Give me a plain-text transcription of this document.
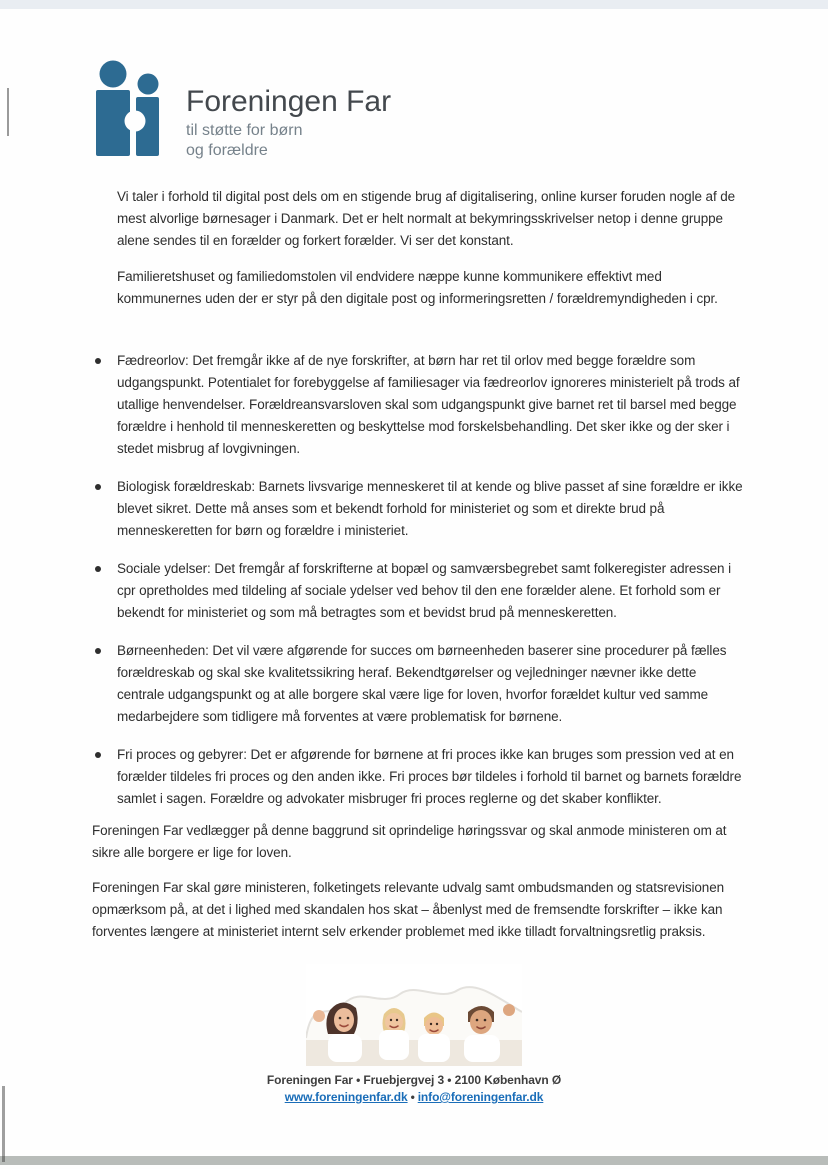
Foreningen Far
til støtte for børn
og forældre

Vi taler i forhold til digital post dels om en stigende brug af digitalisering, online kurser foruden nogle af de mest alvorlige børnesager i Danmark. Det er helt normalt at bekymringsskrivelser netop i denne gruppe alene sendes til en forælder og forkert forælder. Vi ser det konstant.

Familieretshuset og familiedomstolen vil endvidere næppe kunne kommunikere effektivt med kommunernes uden der er styr på den digitale post og informeringsretten / forældremyndigheden i cpr.

Fædreorlov: Det fremgår ikke af de nye forskrifter, at børn har ret til orlov med begge forældre som udgangspunkt. Potentialet for forebyggelse af familiesager via fædreorlov ignoreres ministerielt på trods af utallige henvendelser. Forældreansvarsloven skal som udgangspunkt give barnet ret til barsel med begge forældre i henhold til menneskeretten og beskyttelse mod forskelsbehandling. Det sker ikke og der sker i stedet misbrug af lovgivningen.

Biologisk forældreskab: Barnets livsvarige menneskeret til at kende og blive passet af sine forældre er ikke blevet sikret. Dette må anses som et bekendt forhold for ministeriet og som et direkte brud på menneskeretten for børn og forældre i ministeriet.

Sociale ydelser: Det fremgår af forskrifterne at bopæl og samværsbegrebet samt folkeregister adressen i cpr opretholdes med tildeling af sociale ydelser ved behov til den ene forælder alene. Et forhold som er bekendt for ministeriet og som må betragtes som et bevidst brud på menneskeretten.

Børneenheden: Det vil være afgørende for succes om børneenheden baserer sine procedurer på fælles forældreskab og skal ske kvalitetssikring heraf. Bekendtgørelser og vejledninger nævner ikke dette centrale udgangspunkt og at alle borgere skal være lige for loven, hvorfor forældet kultur ved samme medarbejdere som tidligere må forventes at være problematisk for børnene.

Fri proces og gebyrer: Det er afgørende for børnene at fri proces ikke kan bruges som pression ved at en forælder tildeles fri proces og den anden ikke. Fri proces bør tildeles i forhold til barnet og barnets forældre samlet i sagen. Forældre og advokater misbruger fri proces reglerne og det skaber konflikter.

Foreningen Far vedlægger på denne baggrund sit oprindelige høringssvar og skal anmode ministeren om at sikre alle borgere er lige for loven.

Foreningen Far skal gøre ministeren, folketingets relevante udvalg samt ombudsmanden og statsrevisionen opmærksom på, at det i lighed med skandalen hos skat – åbenlyst med de fremsendte forskrifter – ikke kan forventes længere at ministeriet internt selv erkender problemet med ikke tilladt forvaltningsretlig praksis.

Foreningen Far • Fruebjergvej 3 • 2100 København Ø
www.foreningenfar.dk • info@foreningenfar.dk
